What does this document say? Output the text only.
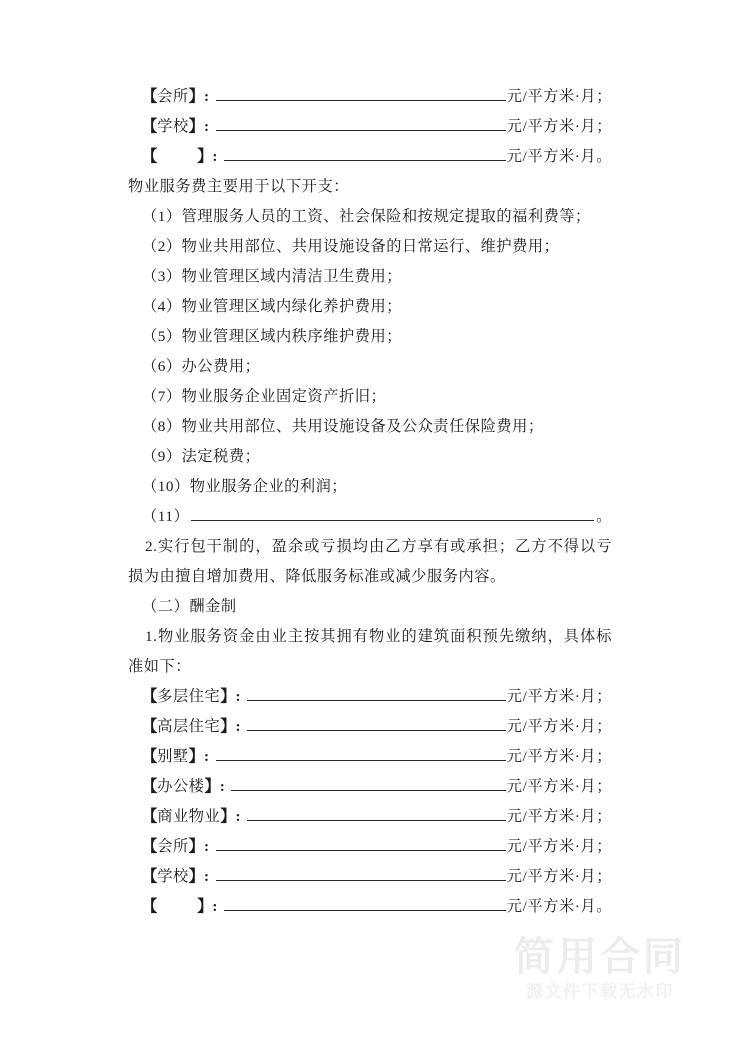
【会所】 :	元/平方米·月；
【学校】 :	元/平方米·月；
【	】 :	元/平方米·月。
物业服务费主要用于以下开支：
（1）管理服务人员的工资、社会保险和按规定提取的福利费等；
（2）物业共用部位、共用设施设备的日常运行、维护费用；
（3）物业管理区域内清洁卫生费用；
（4）物业管理区域内绿化养护费用；
（5）物业管理区域内秩序维护费用；
（6）办公费用；
（7）物业服务企业固定资产折旧；
（8）物业共用部位、共用设施设备及公众责任保险费用；
（9）法定税费；
（10）物业服务企业的利润；
（11）	。
2.实行包干制的，盈余或亏损均由乙方享有或承担；乙方不得以亏损为由擅自增加费用、降低服务标准或减少服务内容。
（二）酬金制
1.物业服务资金由业主按其拥有物业的建筑面积预先缴纳，具体标准如下：
【多层住宅】 :	元/平方米·月；
【高层住宅】 :	元/平方米·月；
【别墅】 :	元/平方米·月；
【办公楼】 :	元/平方米·月；
【商业物业】 :	元/平方米·月；
【会所】 :	元/平方米·月；
【学校】 :	元/平方米·月；
【	】 :	元/平方米·月。
简用合同
源文件下载无水印
